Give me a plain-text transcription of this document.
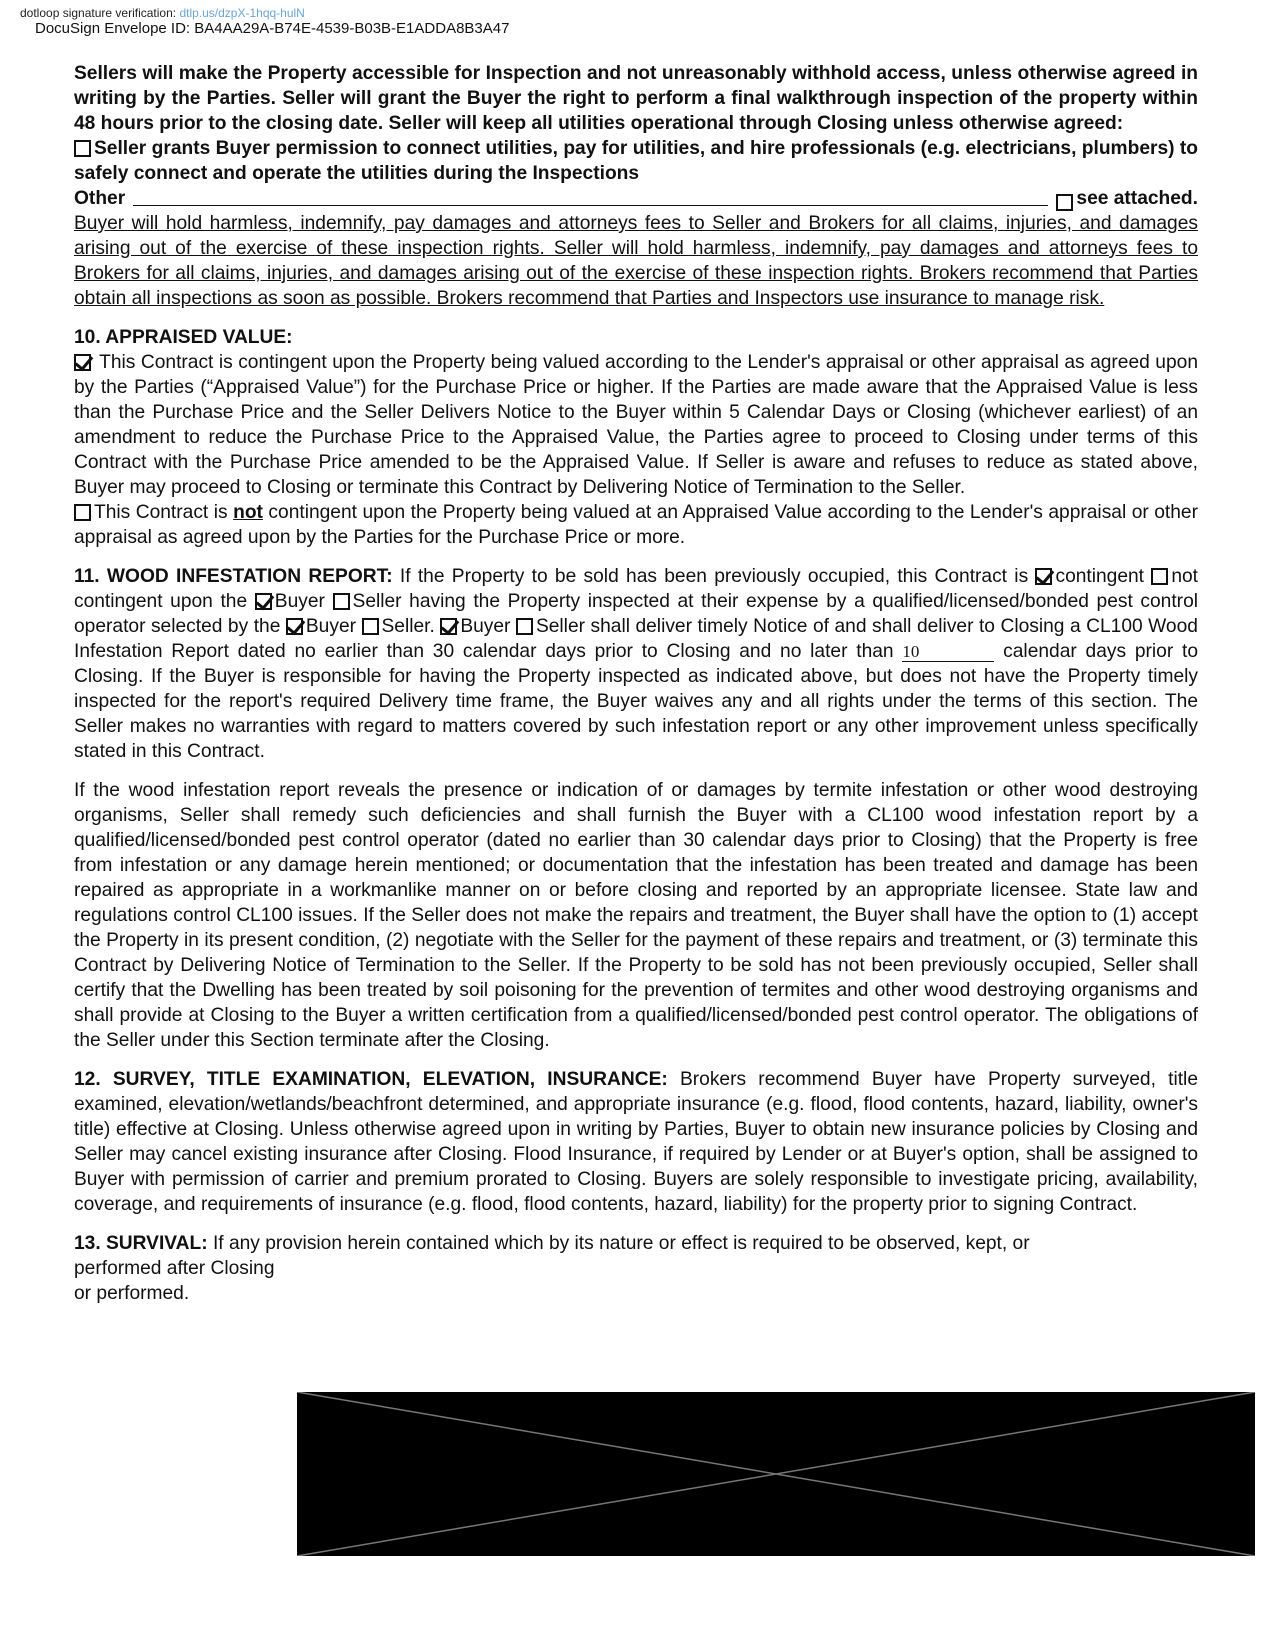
dotloop signature verification: dtlp.us/dzpX-1hqq-hulN
DocuSign Envelope ID: BA4AA29A-B74E-4539-B03B-E1ADDA8B3A47

Sellers will make the Property accessible for Inspection and not unreasonably withhold access, unless otherwise agreed in writing by the Parties. Seller will grant the Buyer the right to perform a final walkthrough inspection of the property within 48 hours prior to the closing date. Seller will keep all utilities operational through Closing unless otherwise agreed:

Seller grants Buyer permission to connect utilities, pay for utilities, and hire professionals (e.g. electricians, plumbers) to safely connect and operate the utilities during the Inspections

Other	see attached.

Buyer will hold harmless, indemnify, pay damages and attorneys fees to Seller and Brokers for all claims, injuries, and damages arising out of the exercise of these inspection rights. Seller will hold harmless, indemnify, pay damages and attorneys fees to Brokers for all claims, injuries, and damages arising out of the exercise of these inspection rights. Brokers recommend that Parties obtain all inspections as soon as possible. Brokers recommend that Parties and Inspectors use insurance to manage risk.

10. APPRAISED VALUE:

This Contract is contingent upon the Property being valued according to the Lender's appraisal or other appraisal as agreed upon by the Parties (“Appraised Value”) for the Purchase Price or higher. If the Parties are made aware that the Appraised Value is less than the Purchase Price and the Seller Delivers Notice to the Buyer within 5 Calendar Days or Closing (whichever earliest) of an amendment to reduce the Purchase Price to the Appraised Value, the Parties agree to proceed to Closing under terms of this Contract with the Purchase Price amended to be the Appraised Value. If Seller is aware and refuses to reduce as stated above, Buyer may proceed to Closing or terminate this Contract by Delivering Notice of Termination to the Seller.

This Contract is not contingent upon the Property being valued at an Appraised Value according to the Lender's appraisal or other appraisal as agreed upon by the Parties for the Purchase Price or more.

11. WOOD INFESTATION REPORT: If the Property to be sold has been previously occupied, this Contract is contingent not contingent upon the Buyer Seller having the Property inspected at their expense by a qualified/licensed/bonded pest control operator selected by the Buyer Seller. Buyer Seller shall deliver timely Notice of and shall deliver to Closing a CL100 Wood Infestation Report dated no earlier than 30 calendar days prior to Closing and no later than 10	calendar days prior to Closing. If the Buyer is responsible for having the Property inspected as indicated above, but does not have the Property timely inspected for the report's required Delivery time frame, the Buyer waives any and all rights under the terms of this section. The Seller makes no warranties with regard to matters covered by such infestation report or any other improvement unless specifically stated in this Contract.

If the wood infestation report reveals the presence or indication of or damages by termite infestation or other wood destroying organisms, Seller shall remedy such deficiencies and shall furnish the Buyer with a CL100 wood infestation report by a qualified/licensed/bonded pest control operator (dated no earlier than 30 calendar days prior to Closing) that the Property is free from infestation or any damage herein mentioned; or documentation that the infestation has been treated and damage has been repaired as appropriate in a workmanlike manner on or before closing and reported by an appropriate licensee. State law and regulations control CL100 issues. If the Seller does not make the repairs and treatment, the Buyer shall have the option to (1) accept the Property in its present condition, (2) negotiate with the Seller for the payment of these repairs and treatment, or (3) terminate this Contract by Delivering Notice of Termination to the Seller. If the Property to be sold has not been previously occupied, Seller shall certify that the Dwelling has been treated by soil poisoning for the prevention of termites and other wood destroying organisms and shall provide at Closing to the Buyer a written certification from a qualified/licensed/bonded pest control operator. The obligations of the Seller under this Section terminate after the Closing.

12. SURVEY, TITLE EXAMINATION, ELEVATION, INSURANCE: Brokers recommend Buyer have Property surveyed, title examined, elevation/wetlands/beachfront determined, and appropriate insurance (e.g. flood, flood contents, hazard, liability, owner's title) effective at Closing. Unless otherwise agreed upon in writing by Parties, Buyer to obtain new insurance policies by Closing and Seller may cancel existing insurance after Closing. Flood Insurance, if required by Lender or at Buyer's option, shall be assigned to Buyer with permission of carrier and premium prorated to Closing. Buyers are solely responsible to investigate pricing, availability, coverage, and requirements of insurance (e.g. flood, flood contents, hazard, liability) for the property prior to signing Contract.

13. SURVIVAL: If any provision herein contained which by its nature or effect is required to be observed, kept, or
performed after Closing
or performed.
